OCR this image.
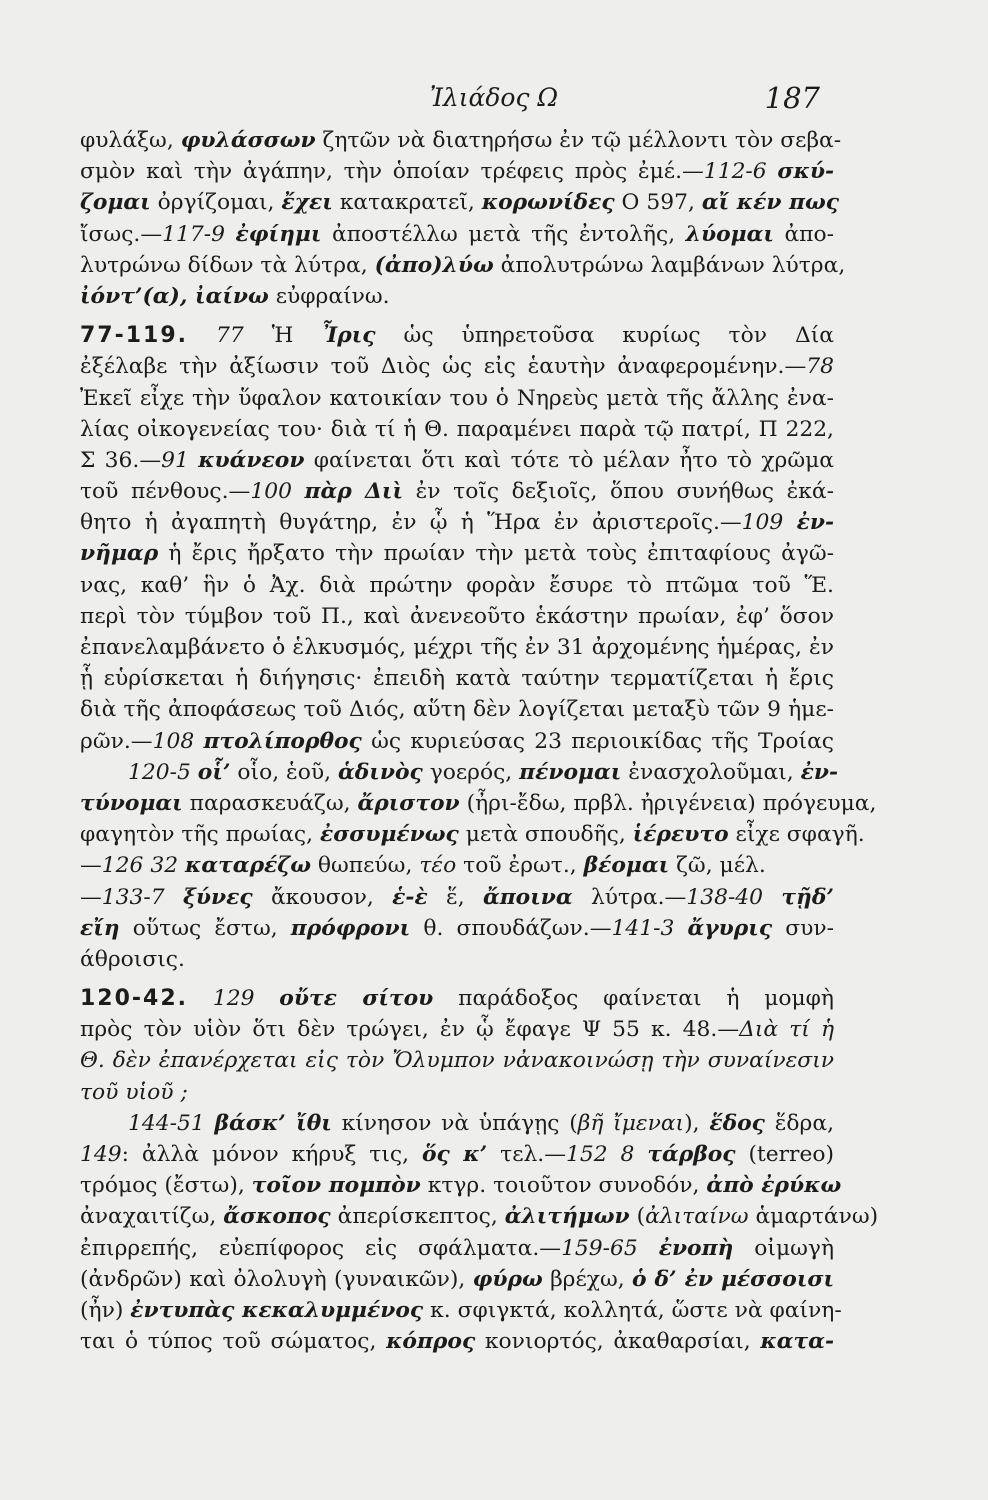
Ἰλιάδος Ω	187
φυλάξω, φυλάσσων ζητῶν νὰ διατηρήσω ἐν τῷ μέλλοντι τὸν σεβα-
σμὸν καὶ τὴν ἀγάπην, τὴν ὁποίαν τρέφεις πρὸς ἐμέ.—112-6 σκύ-
ζομαι ὀργίζομαι, ἔχει κατακρατεῖ, κορωνίδες Ο 597, αἴ κέν πως
ἴσως.—117-9 ἐφίημι ἀποστέλλω μετὰ τῆς ἐντολῆς, λύομαι ἀπο-
λυτρώνω δίδων τὰ λύτρα, (ἀπο)λύω ἀπολυτρώνω λαμβάνων λύτρα,
ἰόντ’(α), ἰαίνω εὐφραίνω.
77-119. 77 Ἡ Ἶρις ὡς ὑπηρετοῦσα κυρίως τὸν Δία
ἐξέλαβε τὴν ἀξίωσιν τοῦ Διὸς ὡς εἰς ἑαυτὴν ἀναφερομένην.—78
Ἐκεῖ εἶχε τὴν ὕφαλον κατοικίαν του ὁ Νηρεὺς μετὰ τῆς ἄλλης ἐνα-
λίας οἰκογενείας του· διὰ τί ἡ Θ. παραμένει παρὰ τῷ πατρί, Π 222,
Σ 36.—91 κυάνεον φαίνεται ὅτι καὶ τότε τὸ μέλαν ἦτο τὸ χρῶμα
τοῦ πένθους.—100 πὰρ Διὶ ἐν τοῖς δεξιοῖς, ὅπου συνήθως ἐκά-
θητο ἡ ἀγαπητὴ θυγάτηρ, ἐν ᾧ ἡ Ἥρα ἐν ἀριστεροῖς.—109 ἐν-
νῆμαρ ἡ ἔρις ἤρξατο τὴν πρωίαν τὴν μετὰ τοὺς ἐπιταφίους ἀγῶ-
νας, καθ’ ἣν ὁ Ἀχ. διὰ πρώτην φορὰν ἔσυρε τὸ πτῶμα τοῦ Ἕ.
περὶ τὸν τύμβον τοῦ Π., καὶ ἀνενεοῦτο ἑκάστην πρωίαν, ἐφ’ ὅσον
ἐπανελαμβάνετο ὁ ἑλκυσμός, μέχρι τῆς ἐν 31 ἀρχομένης ἡμέρας, ἐν
ᾗ εὑρίσκεται ἡ διήγησις· ἐπειδὴ κατὰ ταύτην τερματίζεται ἡ ἔρις
διὰ τῆς ἀποφάσεως τοῦ Διός, αὕτη δὲν λογίζεται μεταξὺ τῶν 9 ἡμε-
ρῶν.—108 πτολίπορθος ὡς κυριεύσας 23 περιοικίδας τῆς Τροίας
120-5 οἷ’ οἷο, ἑοῦ, ἁδινὸς γοερός, πένομαι ἐνασχολοῦμαι, ἐν-
τύνομαι παρασκευάζω, ἄριστον (ἦρι-ἔδω, πρβλ. ἠριγένεια) πρόγευμα,
φαγητὸν τῆς πρωίας, ἐσσυμένως μετὰ σπουδῆς, ἱέρευτο εἶχε σφαγῆ.
—126 32 καταρέζω θωπεύω, τέο τοῦ ἐρωτ., βέομαι ζῶ, μέλ.
—133-7 ξύνες ἄκουσον, ἑ-ὲ ἕ, ἄποινα λύτρα.—138-40 τῇδ’
εἴη οὕτως ἔστω, πρόφρονι θ. σπουδάζων.—141-3 ἄγυρις συν-
άθροισις.
120-42. 129 οὔτε σίτου παράδοξος φαίνεται ἡ μομφὴ
πρὸς τὸν υἱὸν ὅτι δὲν τρώγει, ἐν ᾧ ἔφαγε Ψ 55 κ. 48.—Διὰ τί ἡ
Θ. δὲν ἐπανέρχεται εἰς τὸν Ὄλυμπον νἀνακοινώσῃ τὴν συναίνεσιν
τοῦ υἱοῦ ;
144-51 βάσκ’ ἴθι κίνησον νὰ ὑπάγῃς (βῆ ἴμεναι), ἕδος ἕδρα,
149: ἀλλὰ μόνον κήρυξ τις, ὅς κ’ τελ.—152 8 τάρβος (terreo)
τρόμος (ἔστω), τοῖον πομπὸν κτγρ. τοιοῦτον συνοδόν, ἀπὸ ἐρύκω
ἀναχαιτίζω, ἄσκοπος ἀπερίσκεπτος, ἀλιτήμων (ἀλιταίνω ἁμαρτάνω)
ἐπιρρεπής, εὐεπίφορος εἰς σφάλματα.—159-65 ἐνοπὴ οἰμωγὴ
(ἀνδρῶν) καὶ ὀλολυγὴ (γυναικῶν), φύρω βρέχω, ὁ δ’ ἐν μέσσοισι
(ἦν) ἐντυπὰς κεκαλυμμένος κ. σφιγκτά, κολλητά, ὥστε νὰ φαίνη-
ται ὁ τύπος τοῦ σώματος, κόπρος κονιορτός, ἀκαθαρσίαι, κατα-
